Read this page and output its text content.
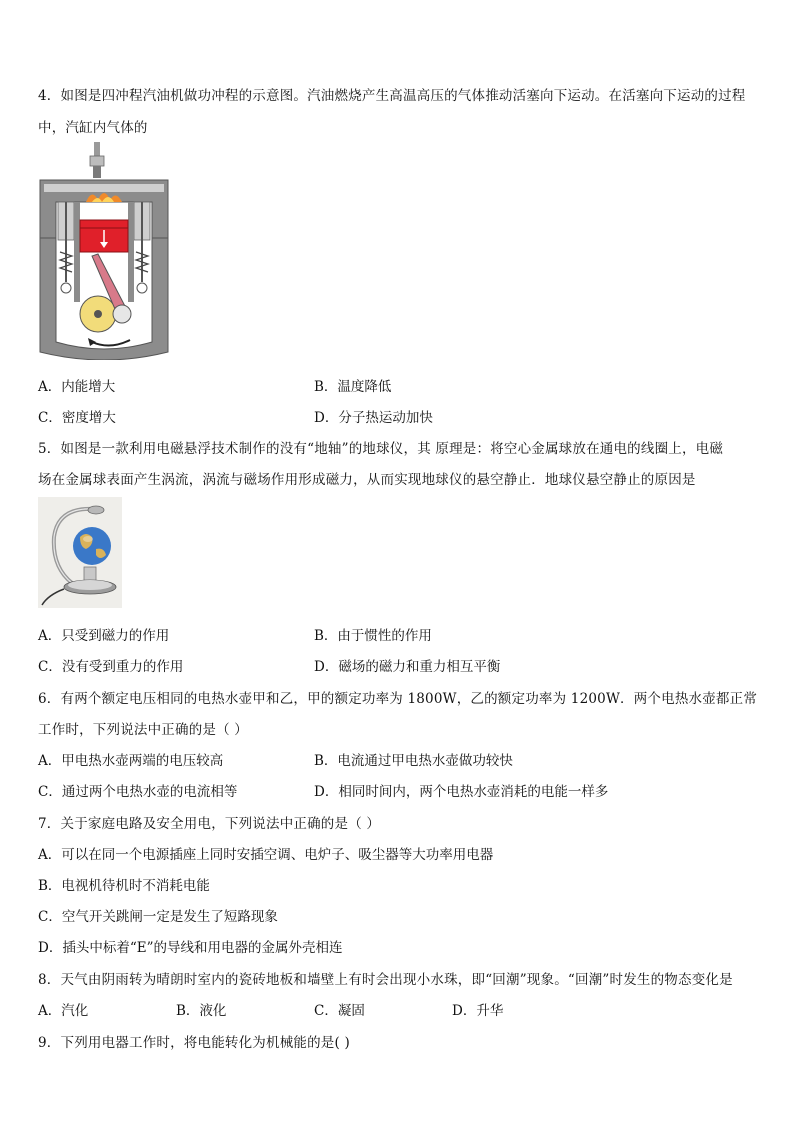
4．如图是四冲程汽油机做功冲程的示意图。汽油燃烧产生高温高压的气体推动活塞向下运动。在活塞向下运动的过程
中，汽缸内气体的
A．内能增大	B．温度降低
C．密度增大	D．分子热运动加快
5．如图是一款利用电磁悬浮技术制作的没有“地轴”的地球仪，其 原理是：将空心金属球放在通电的线圈上，电磁
场在金属球表面产生涡流，涡流与磁场作用形成磁力，从而实现地球仪的悬空静止．地球仪悬空静止的原因是
A．只受到磁力的作用	B．由于惯性的作用
C．没有受到重力的作用	D．磁场的磁力和重力相互平衡
6．有两个额定电压相同的电热水壶甲和乙，甲的额定功率为 1800W，乙的额定功率为 1200W．两个电热水壶都正常
工作时，下列说法中正确的是（ ）
A．甲电热水壶两端的电压较高	B．电流通过甲电热水壶做功较快
C．通过两个电热水壶的电流相等	D．相同时间内，两个电热水壶消耗的电能一样多
7．关于家庭电路及安全用电，下列说法中正确的是（ ）
A．可以在同一个电源插座上同时安插空调、电炉子、吸尘器等大功率用电器
B．电视机待机时不消耗电能
C．空气开关跳闸一定是发生了短路现象
D．插头中标着“E”的导线和用电器的金属外壳相连
8．天气由阴雨转为晴朗时室内的瓷砖地板和墙壁上有时会出现小水珠，即“回潮”现象。“回潮”时发生的物态变化是
A．汽化	B．液化	C．凝固	D．升华
9．下列用电器工作时，将电能转化为机械能的是( )
